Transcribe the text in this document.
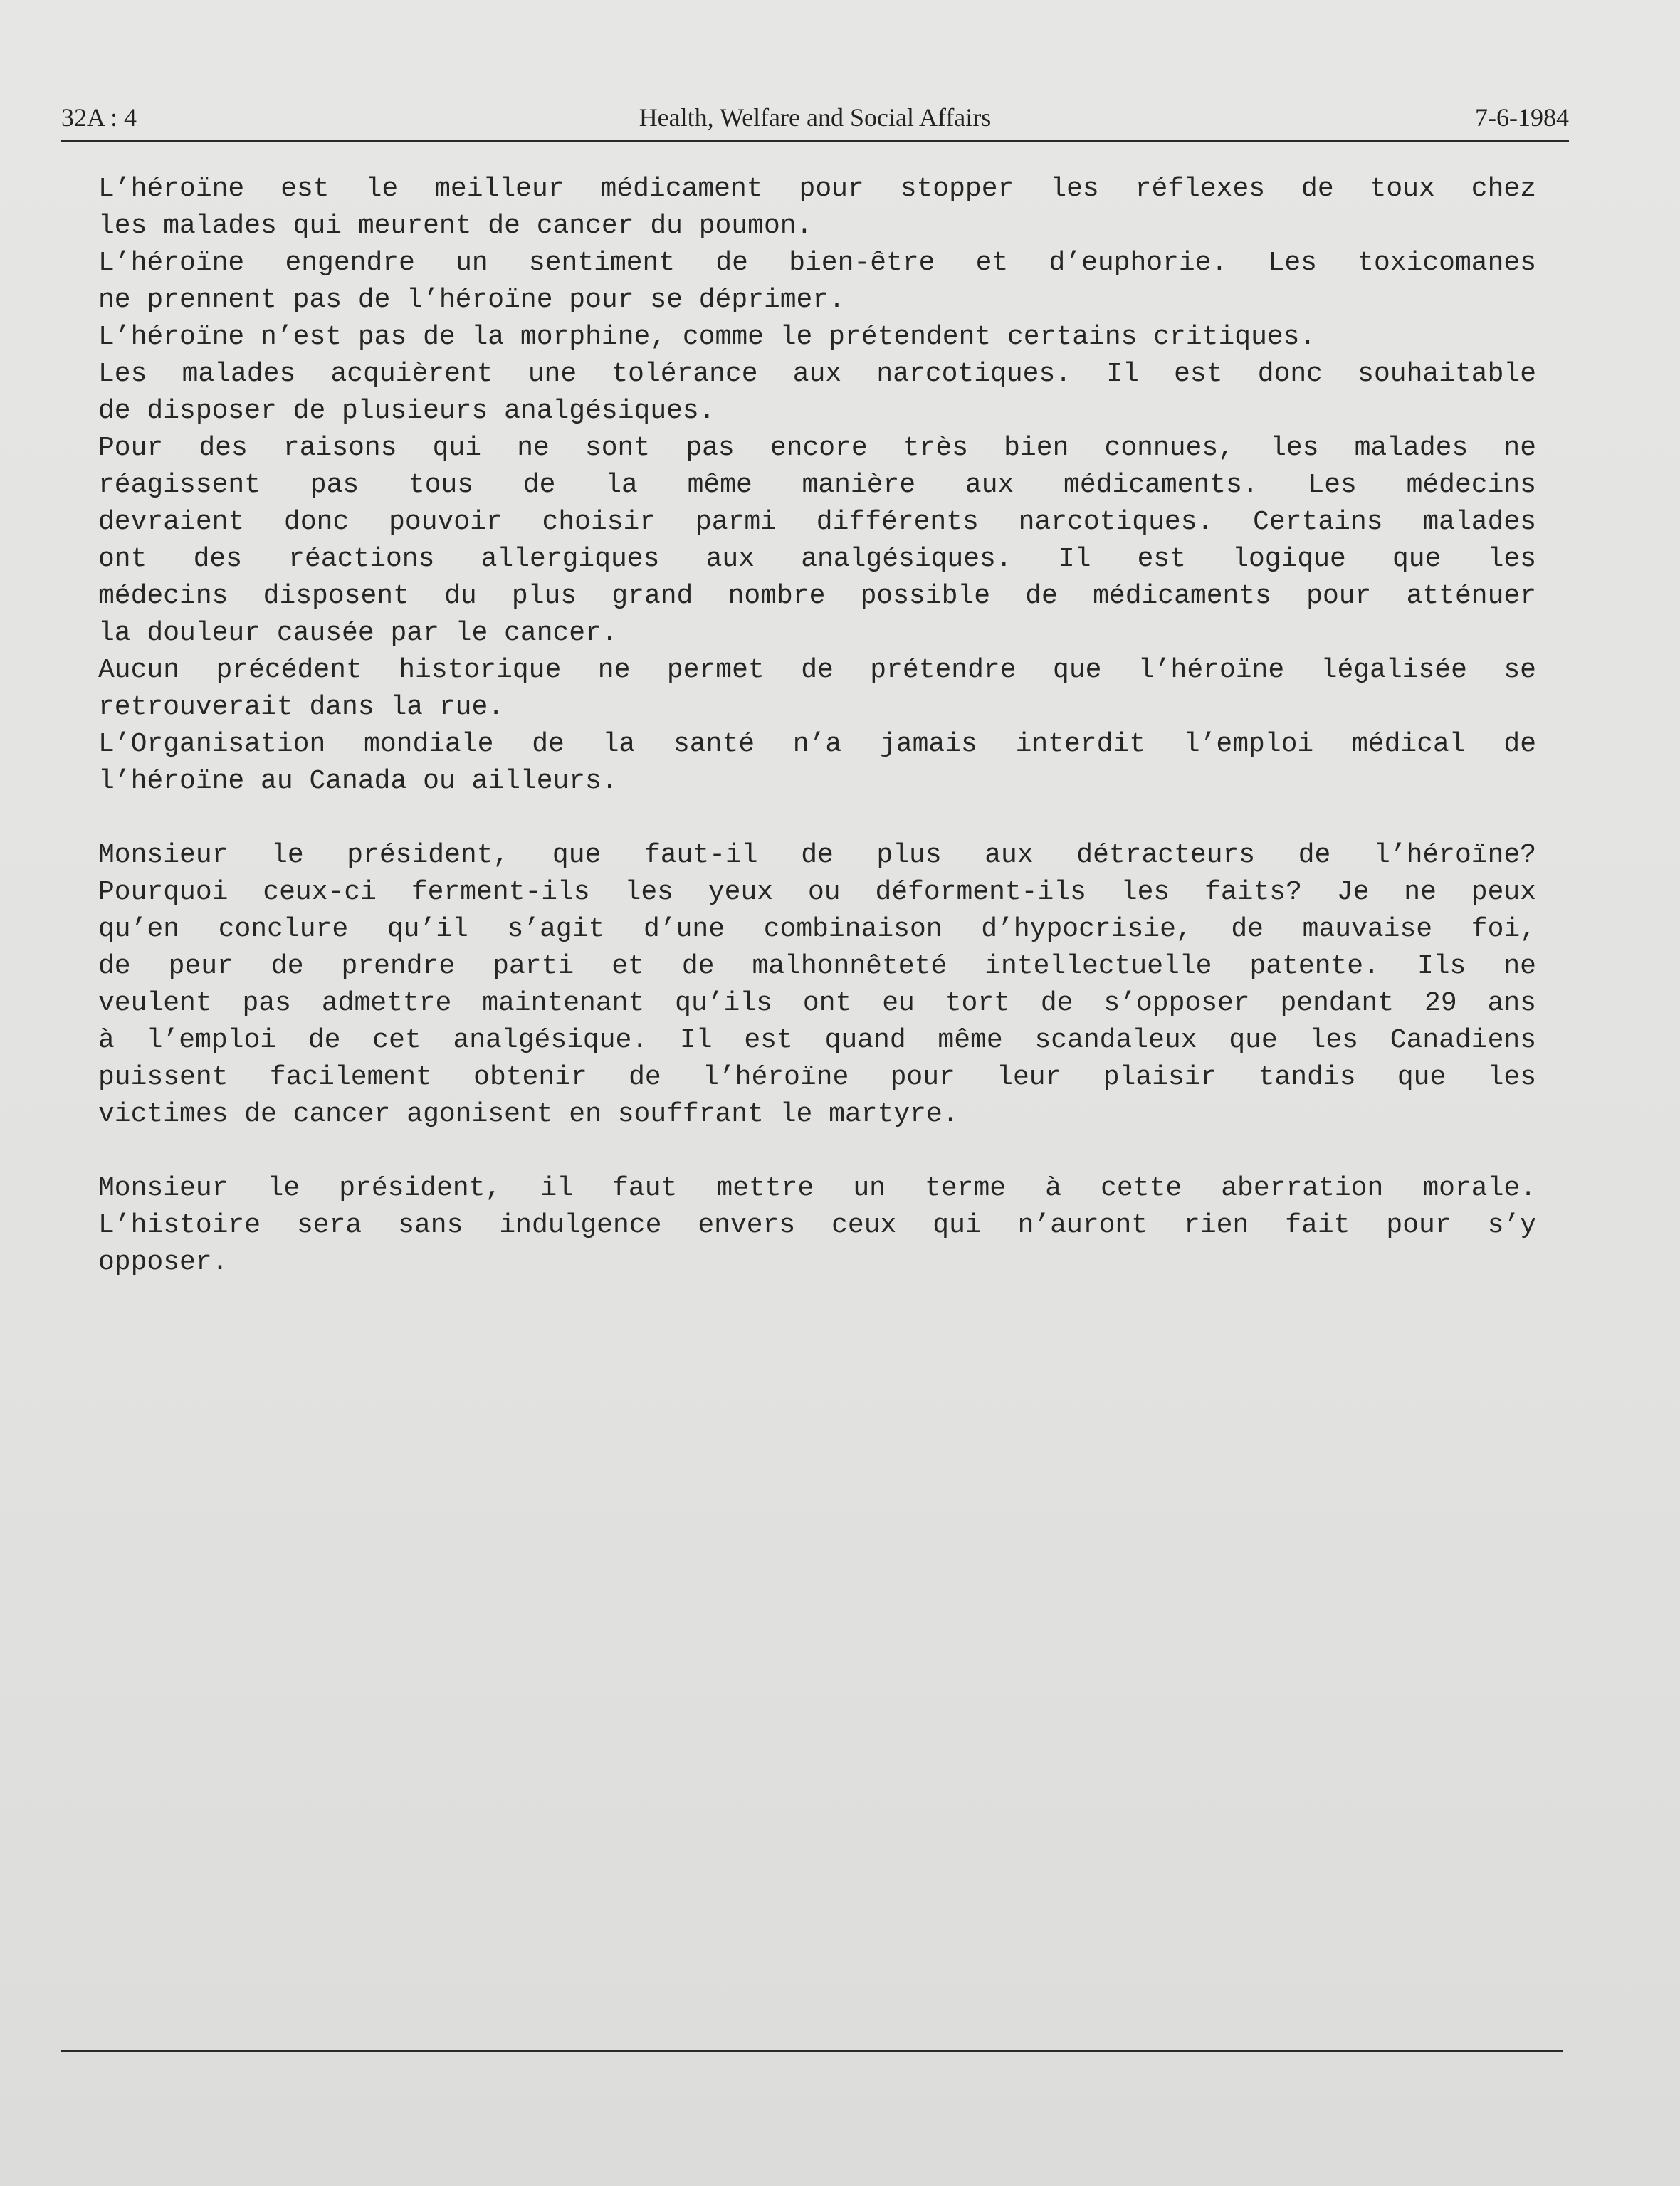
Health, Welfare and Social Affairs
32A : 4	7-6-1984
L’héroïne est le meilleur médicament pour stopper les réflexes de toux chez
les malades qui meurent de cancer du poumon.
L’héroïne engendre un sentiment de bien-être et d’euphorie. Les toxicomanes
ne prennent pas de l’héroïne pour se déprimer.
L’héroïne n’est pas de la morphine, comme le prétendent certains critiques.
Les malades acquièrent une tolérance aux narcotiques. Il est donc souhaitable
de disposer de plusieurs analgésiques.
Pour des raisons qui ne sont pas encore très bien connues, les malades ne
réagissent pas tous de la même manière aux médicaments. Les médecins
devraient donc pouvoir choisir parmi différents narcotiques. Certains malades
ont des réactions allergiques aux analgésiques. Il est logique que les
médecins disposent du plus grand nombre possible de médicaments pour atténuer
la douleur causée par le cancer.
Aucun précédent historique ne permet de prétendre que l’héroïne légalisée se
retrouverait dans la rue.
L’Organisation mondiale de la santé n’a jamais interdit l’emploi médical de
l’héroïne au Canada ou ailleurs.
Monsieur le président, que faut-il de plus aux détracteurs de l’héroïne?
Pourquoi ceux-ci ferment-ils les yeux ou déforment-ils les faits? Je ne peux
qu’en conclure qu’il s’agit d’une combinaison d’hypocrisie, de mauvaise foi,
de peur de prendre parti et de malhonnêteté intellectuelle patente. Ils ne
veulent pas admettre maintenant qu’ils ont eu tort de s’opposer pendant 29 ans
à l’emploi de cet analgésique. Il est quand même scandaleux que les Canadiens
puissent facilement obtenir de l’héroïne pour leur plaisir tandis que les
victimes de cancer agonisent en souffrant le martyre.
Monsieur le président, il faut mettre un terme à cette aberration morale.
L’histoire sera sans indulgence envers ceux qui n’auront rien fait pour s’y
opposer.
